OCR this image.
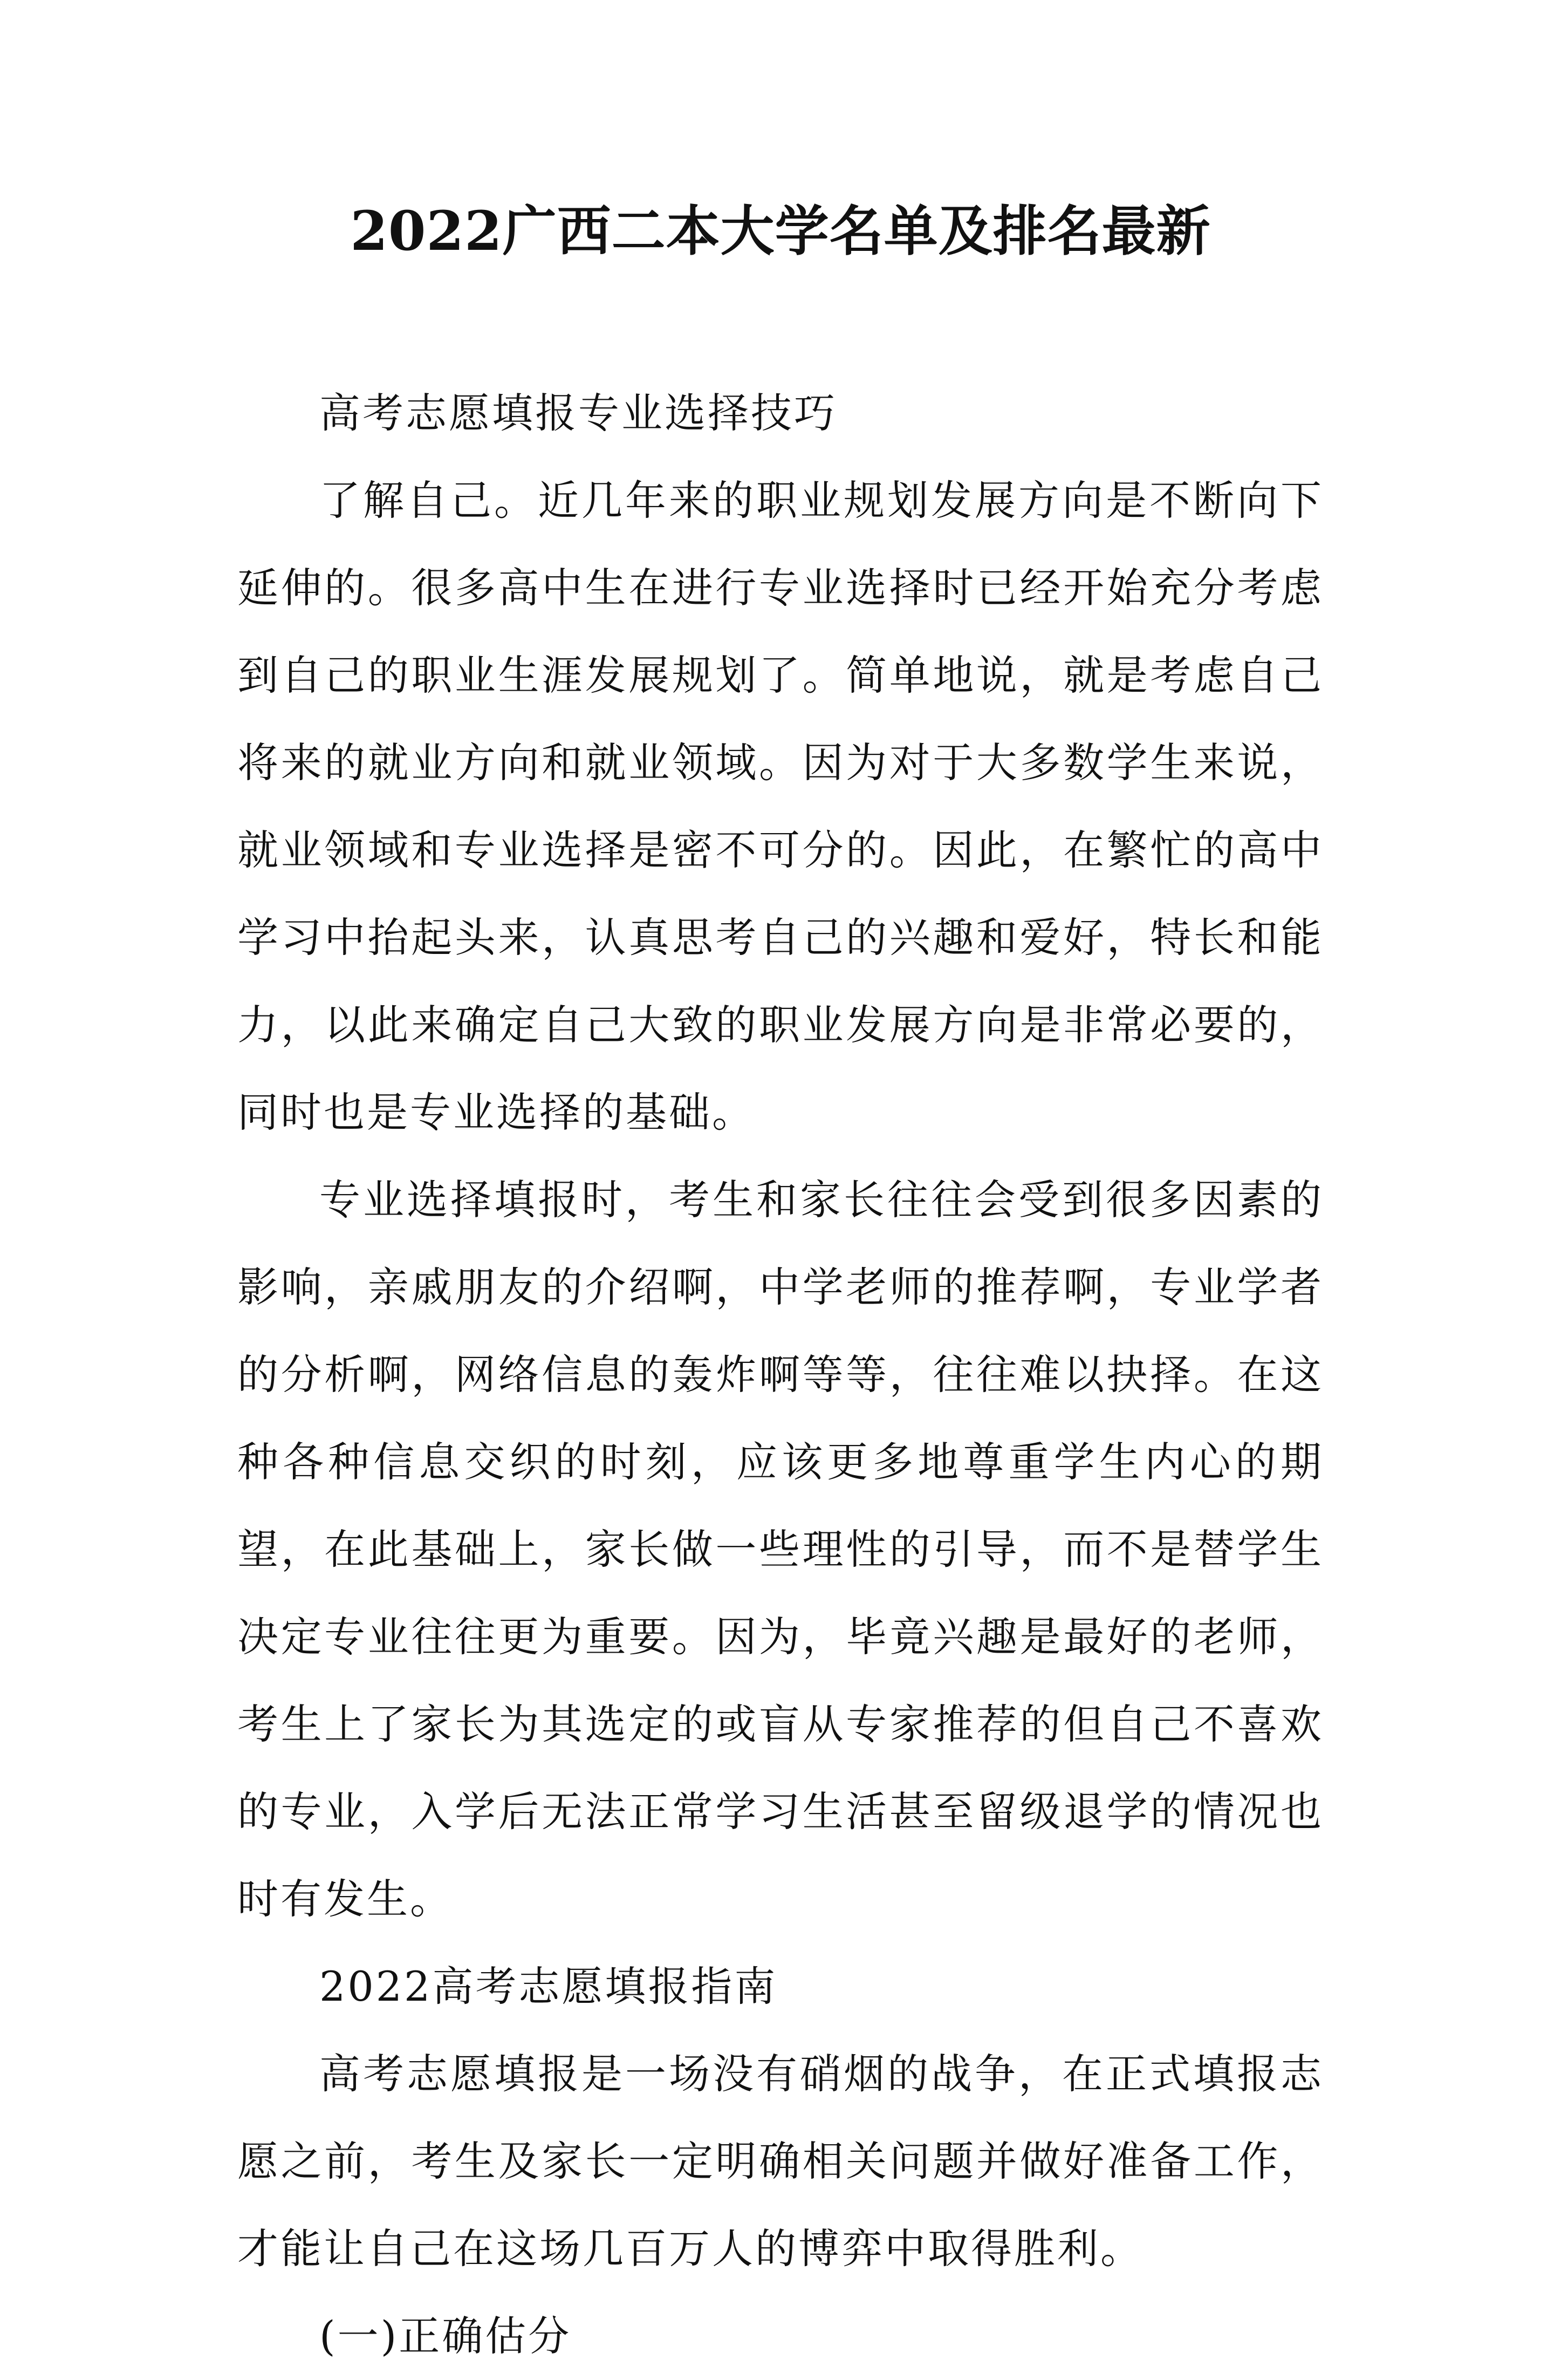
2022广西二本大学名单及排名最新

高考志愿填报专业选择技巧

了解自己。近几年来的职业规划发展方向是不断向下延伸的。很多高中生在进行专业选择时已经开始充分考虑到自己的职业生涯发展规划了。简单地说，就是考虑自己将来的就业方向和就业领域。因为对于大多数学生来说，就业领域和专业选择是密不可分的。因此，在繁忙的高中学习中抬起头来，认真思考自己的兴趣和爱好，特长和能力，以此来确定自己大致的职业发展方向是非常必要的，同时也是专业选择的基础。

专业选择填报时，考生和家长往往会受到很多因素的影响，亲戚朋友的介绍啊，中学老师的推荐啊，专业学者的分析啊，网络信息的轰炸啊等等，往往难以抉择。在这种各种信息交织的时刻，应该更多地尊重学生内心的期望，在此基础上，家长做一些理性的引导，而不是替学生决定专业往往更为重要。因为，毕竟兴趣是最好的老师，考生上了家长为其选定的或盲从专家推荐的但自己不喜欢的专业，入学后无法正常学习生活甚至留级退学的情况也时有发生。

2022高考志愿填报指南

高考志愿填报是一场没有硝烟的战争，在正式填报志愿之前，考生及家长一定明确相关问题并做好准备工作，才能让自己在这场几百万人的博弈中取得胜利。

(一)正确估分
